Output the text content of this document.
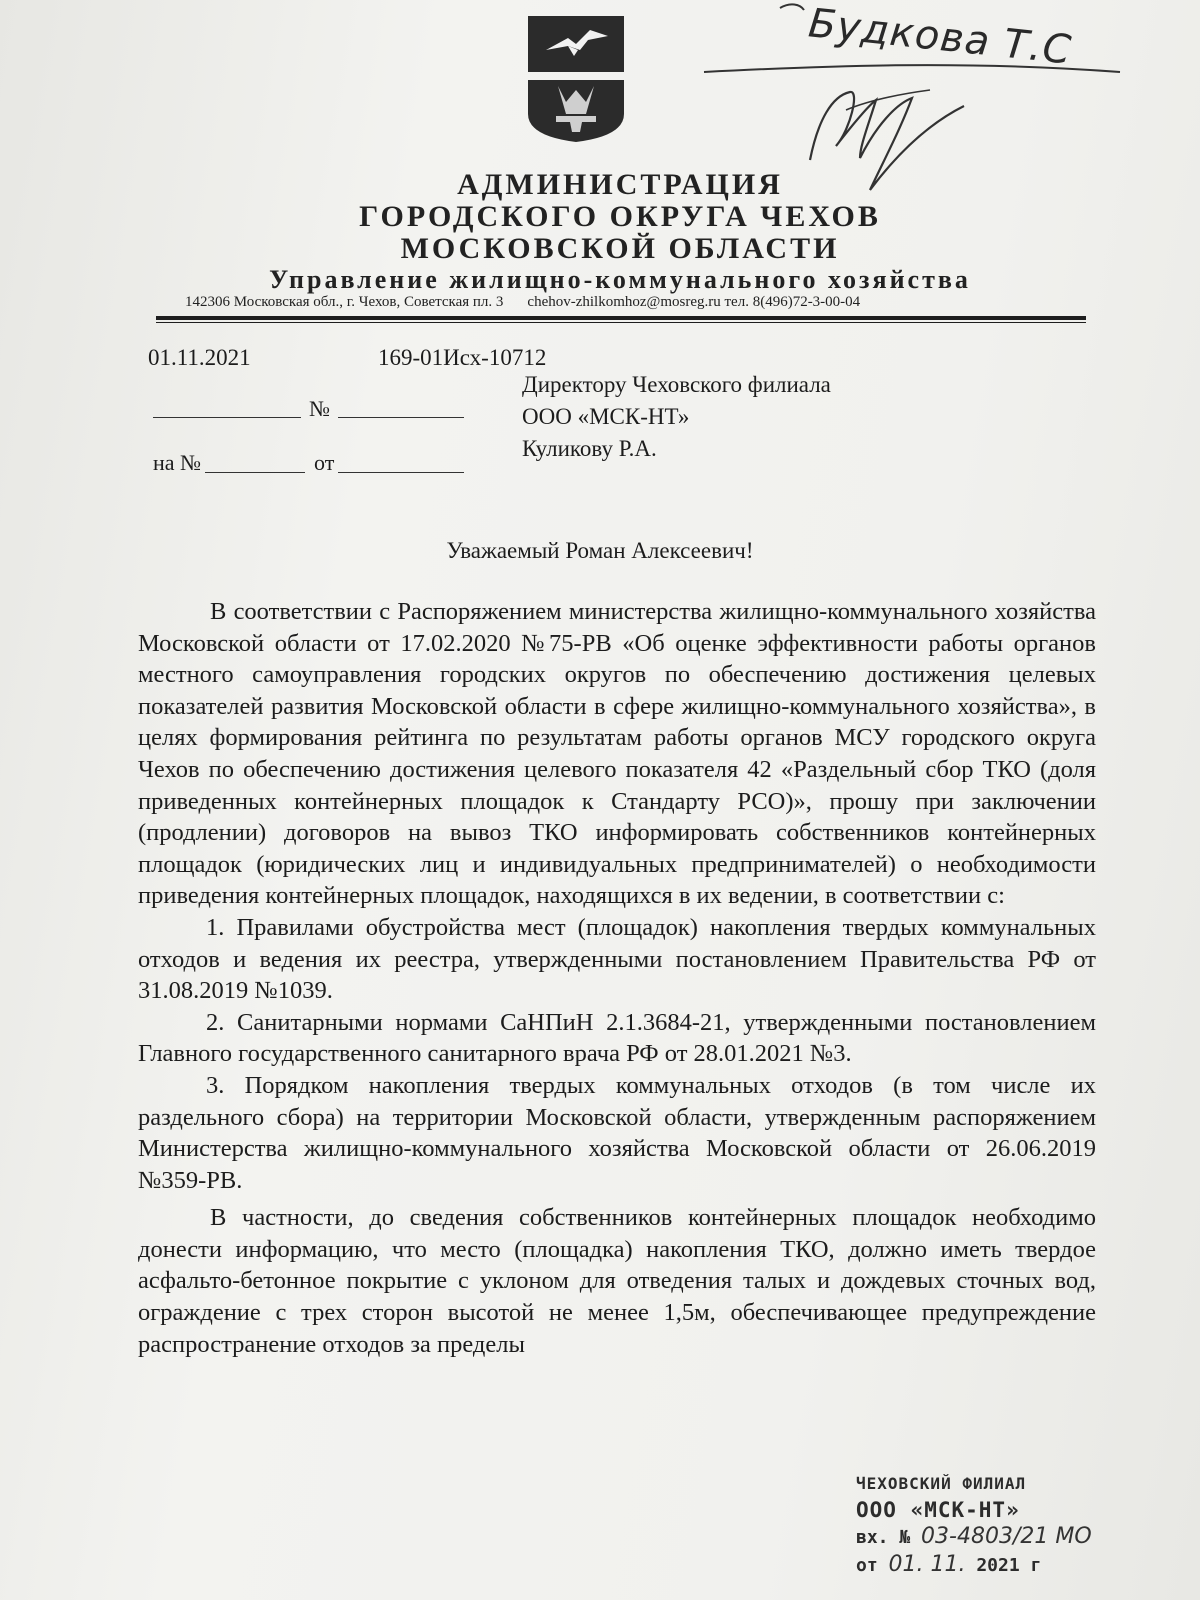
Будкова Т.С
АДМИНИСТРАЦИЯ
ГОРОДСКОГО ОКРУГА ЧЕХОВ
МОСКОВСКОЙ ОБЛАСТИ
Управление жилищно-коммунального хозяйства
142306 Московская обл., г. Чехов, Советская пл. 3 chehov-zhilkomhoz@mosreg.ru тел. 8(496)72-3-00-04
01.11.2021	169-01Исх-10712
№
на №	от
Директору Чеховского филиала
ООО «МСК-НТ»
Куликову Р.А.
Уважаемый Роман Алексеевич!

В соответствии с Распоряжением министерства жилищно-коммунального хозяйства Московской области от 17.02.2020 №75-РВ «Об оценке эффективности работы органов местного самоуправления городских округов по обеспечению достижения целевых показателей развития Московской области в сфере жилищно-коммунального хозяйства», в целях формирования рейтинга по результатам работы органов МСУ городского округа Чехов по обеспечению достижения целевого показателя 42 «Раздельный сбор ТКО (доля приведенных контейнерных площадок к Стандарту РСО)», прошу при заключении (продлении) договоров на вывоз ТКО информировать собственников контейнерных площадок (юридических лиц и индивидуальных предпринимателей) о необходимости приведения контейнерных площадок, находящихся в их ведении, в соответствии с:

1. Правилами обустройства мест (площадок) накопления твердых коммунальных отходов и ведения их реестра, утвержденными постановлением Правительства РФ от 31.08.2019 №1039.

2. Санитарными нормами СаНПиН 2.1.3684-21, утвержденными постановлением Главного государственного санитарного врача РФ от 28.01.2021 №3.

3. Порядком накопления твердых коммунальных отходов (в том числе их раздельного сбора) на территории Московской области, утвержденным распоряжением Министерства жилищно-коммунального хозяйства Московской области от 26.06.2019 №359-РВ.

В частности, до сведения собственников контейнерных площадок необходимо донести информацию, что место (площадка) накопления ТКО, должно иметь твердое асфальто-бетонное покрытие с уклоном для отведения талых и дождевых сточных вод, ограждение с трех сторон высотой не менее 1,5м, обеспечивающее предупреждение распространение отходов за пределы

ЧЕХОВСКИЙ ФИЛИАЛ
ООО «МСК-НТ»
вх. № 03-4803/21 МО
от 01. 11. 2021 г
